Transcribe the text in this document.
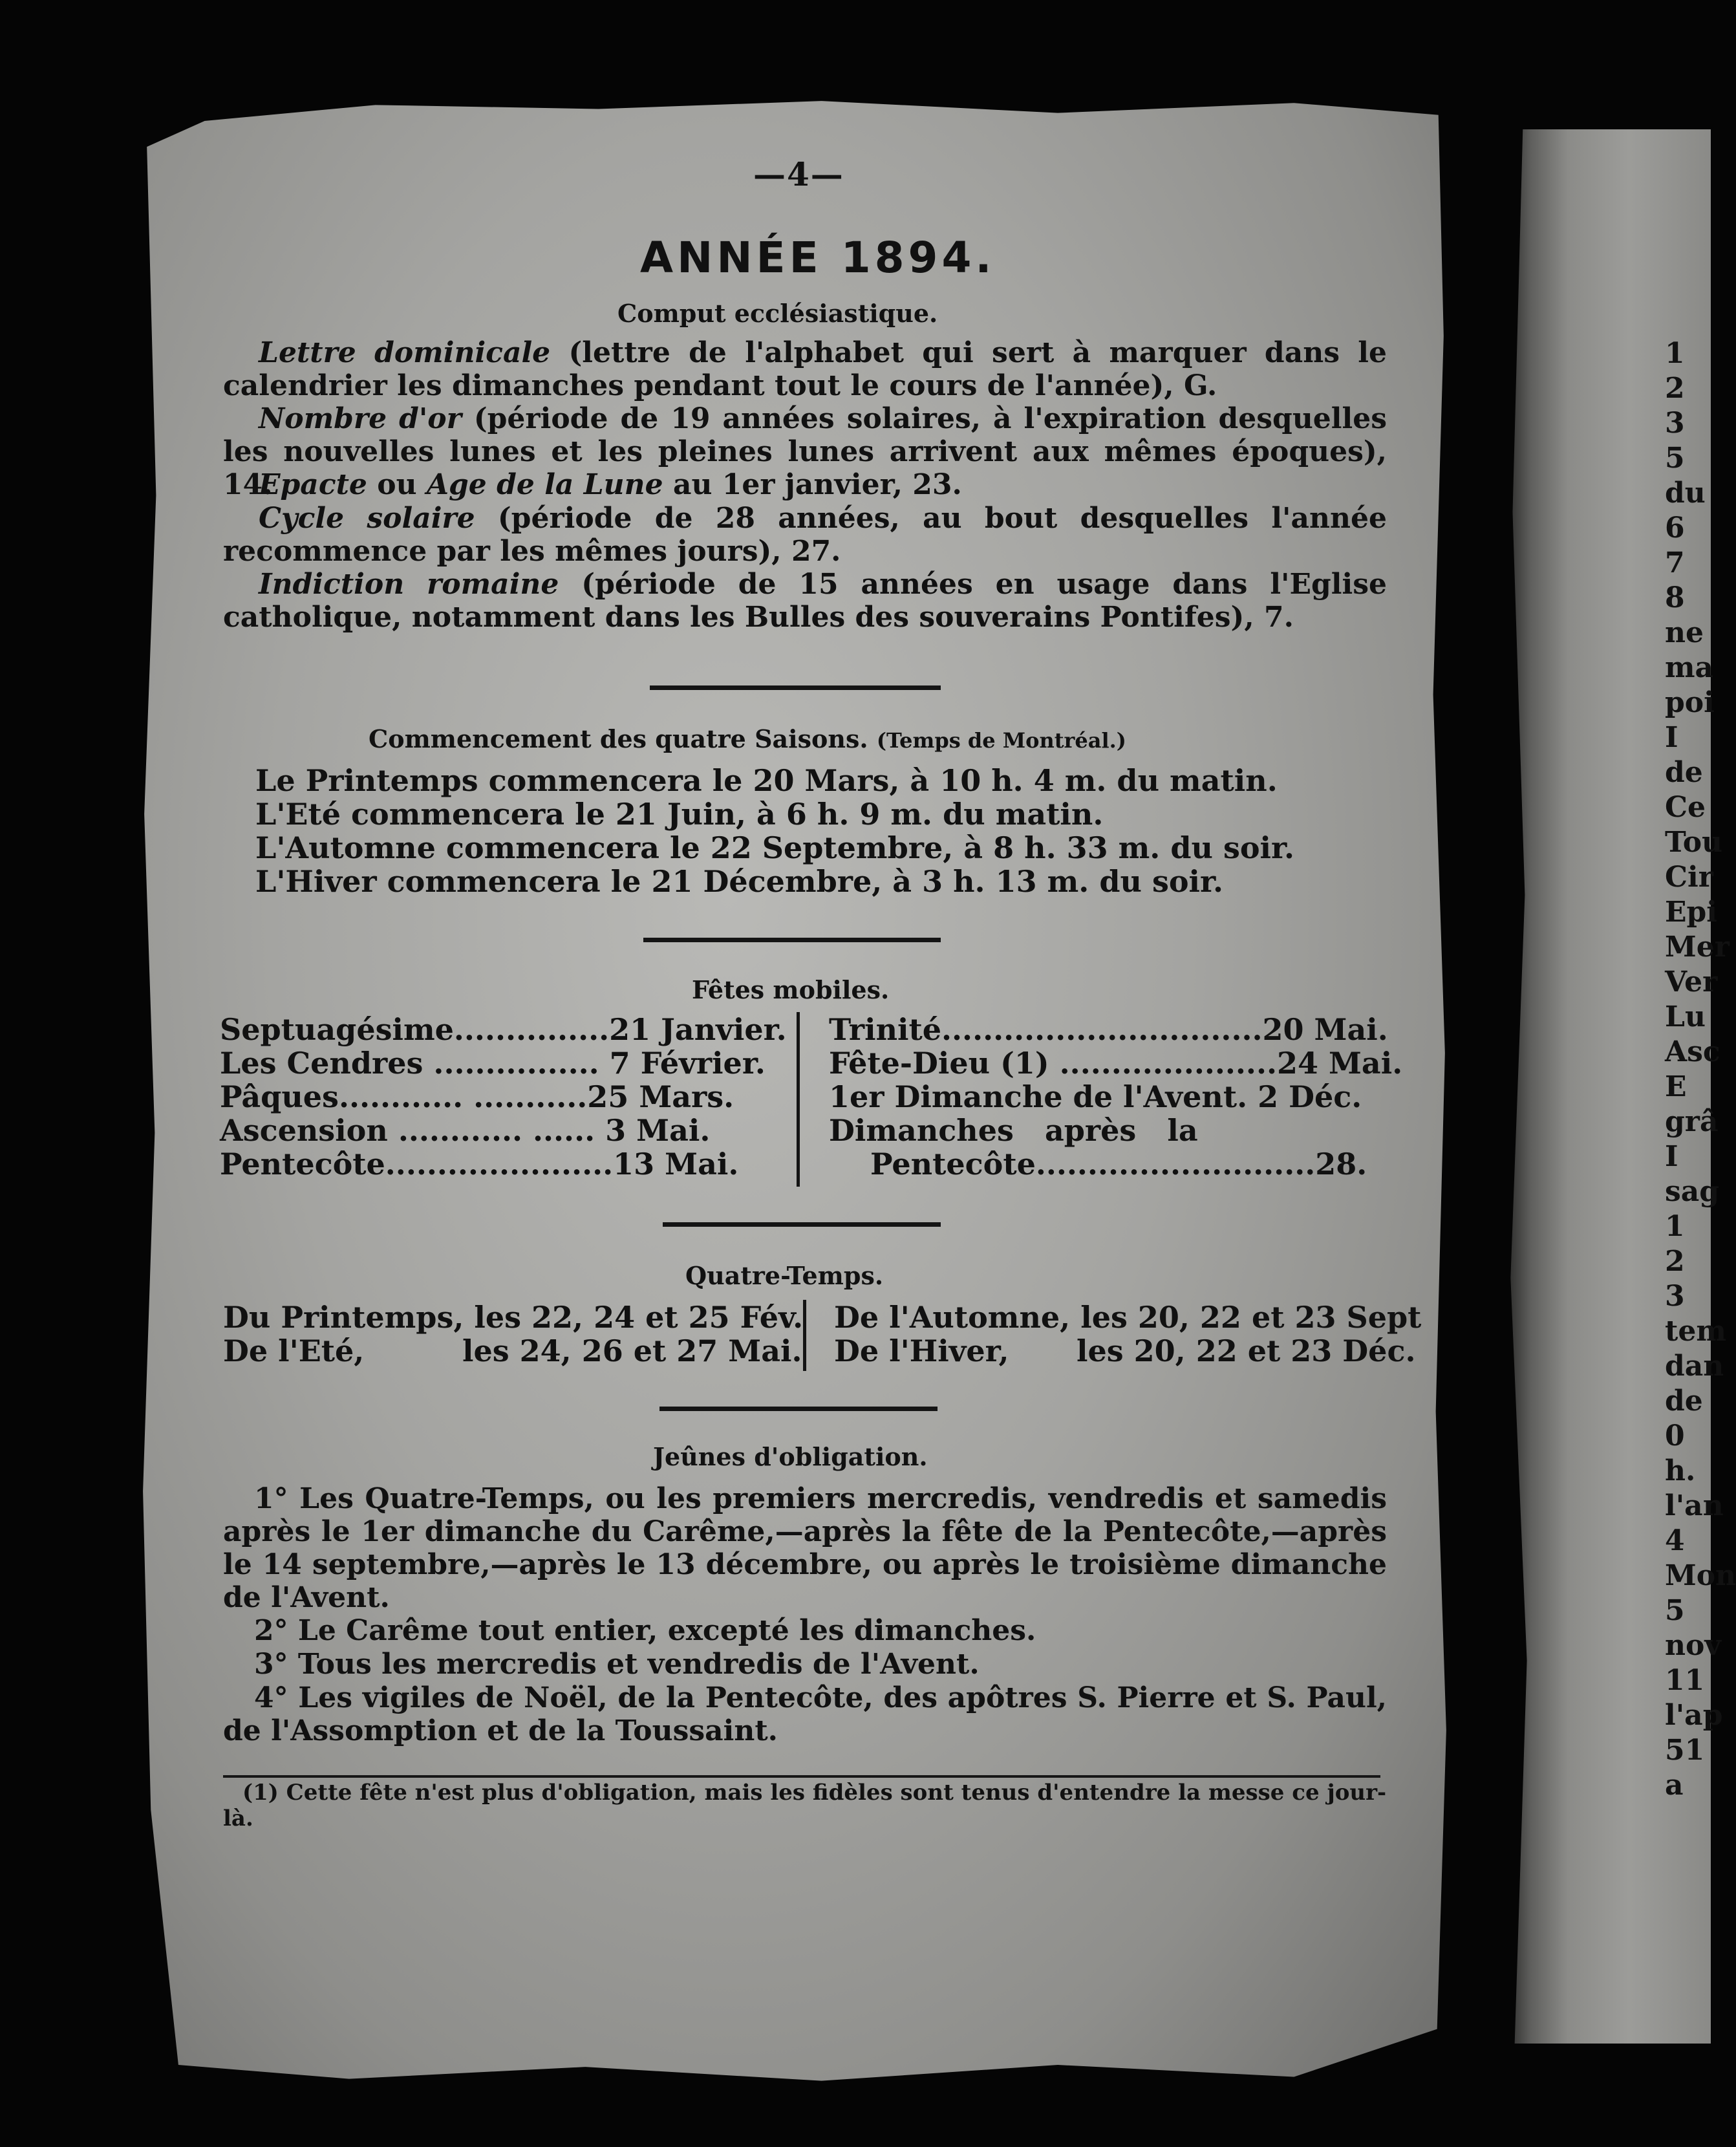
1
2
3
5
du
6
7
8
ne
ma
poi
I
de
Ce
Tou
Cir
Epi
Mer
Ver
Lu
Asc
E
grâ
I
sag
1
2
3
tem
dan
de
0 h.
l'an
4
Mon
5
nov
11
l'ap
51 a
—4—
ANNÉE 1894.
Comput ecclésiastique.
Lettre dominicale (lettre de l'alphabet qui sert à marquer dans le calendrier les dimanches pendant tout le cours de l'année), G.
Nombre d'or (période de 19 années solaires, à l'expiration desquelles les nouvelles lunes et les pleines lunes arrivent aux mêmes époques), 14.
Epacte ou Age de la Lune au 1er janvier, 23.
Cycle solaire (période de 28 années, au bout desquelles l'année recommence par les mêmes jours), 27.
Indiction romaine (période de 15 années en usage dans l'Eglise catholique, notamment dans les Bulles des souverains Pontifes), 7.
Commencement des quatre Saisons. (Temps de Montréal.)
Le Printemps commencera le 20 Mars, à 10 h. 4 m. du matin.
L'Eté commencera le 21 Juin, à 6 h. 9 m. du matin.
L'Automne commencera le 22 Septembre, à 8 h. 33 m. du soir.
L'Hiver commencera le 21 Décembre, à 3 h. 13 m. du soir.
Fêtes mobiles.
Septuagésime...............21 Janvier.
Les Cendres ................ 7 Février.
Pâques............ ...........25 Mars.
Ascension ............ ...... 3 Mai.
Pentecôte......................13 Mai.
Trinité...............................20 Mai.
Fête-Dieu (1) .....................24 Mai.
1er Dimanche de l'Avent. 2 Déc.
Dimanches   après   la
Pentecôte...........................28.
Quatre-Temps.
Du Printemps, les 22, 24 et 25 Fév.
De l'Eté,	les 24, 26 et 27 Mai.
De l'Automne, les 20, 22 et 23 Sept
De l'Hiver, les 20, 22 et 23 Déc.
Jeûnes d'obligation.
1° Les Quatre-Temps, ou les premiers mercredis, vendredis et samedis après le 1er dimanche du Carême,—après la fête de la Pentecôte,—après le 14 septembre,—après le 13 décembre, ou après le troisième dimanche de l'Avent.
2° Le Carême tout entier, excepté les dimanches.
3° Tous les mercredis et vendredis de l'Avent.
4° Les vigiles de Noël, de la Pentecôte, des apôtres S. Pierre et S. Paul, de l'Assomption et de la Toussaint.
(1) Cette fête n'est plus d'obligation, mais les fidèles sont tenus d'entendre la messe ce jour-là.
